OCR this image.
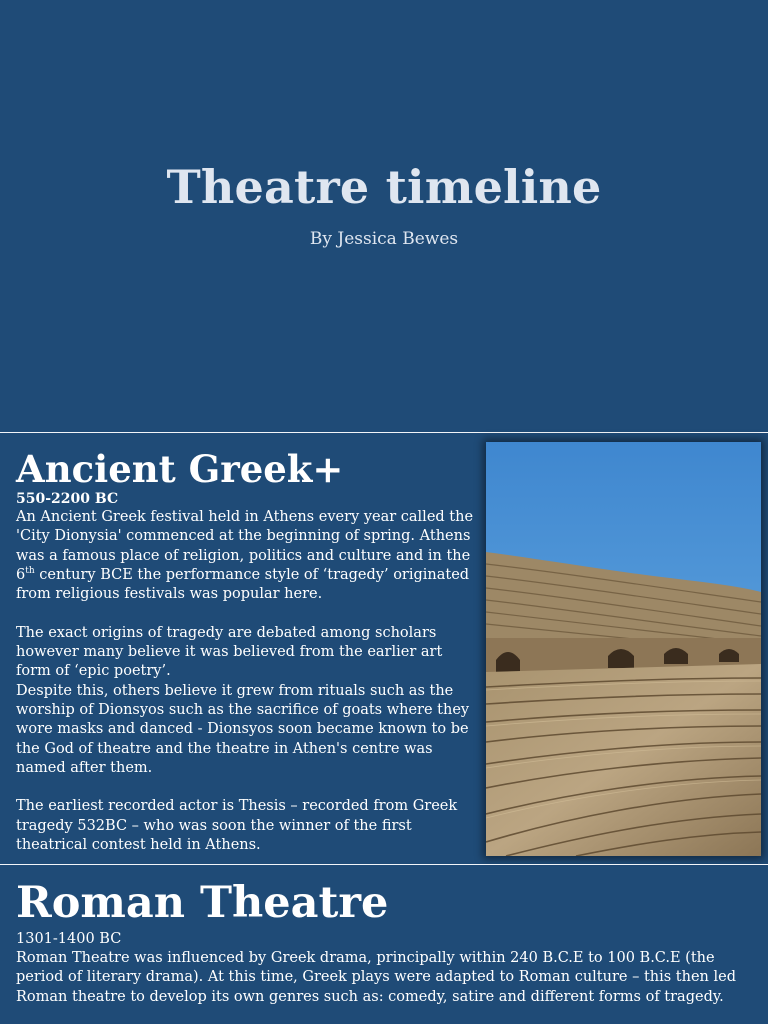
Theatre timeline
By Jessica Bewes
Ancient Greek+
550-2200 BC

An Ancient Greek festival held in Athens every year called the 'City Dionysia' commenced at the beginning of spring. Athens was a famous place of religion, politics and culture and in the 6th century BCE the performance style of ‘tragedy’ originated from religious festivals was popular here.

The exact origins of tragedy are debated among scholars however many believe it was believed from the earlier art form of ‘epic poetry’.

Despite this, others believe it grew from rituals such as the worship of Dionsyos such as the sacrifice of goats where they wore masks and danced - Dionsyos soon became known to be the God of theatre and the theatre in Athen's centre was named after them.

The earliest recorded actor is Thesis – recorded from Greek tragedy 532BC – who was soon the winner of the first theatrical contest held in Athens.

Roman Theatre
1301-1400 BC
Roman Theatre was influenced by Greek drama, principally within 240 B.C.E to 100 B.C.E (the period of literary drama). At this time, Greek plays were adapted to Roman culture – this then led Roman theatre to develop its own genres such as: comedy, satire and different forms of tragedy.
